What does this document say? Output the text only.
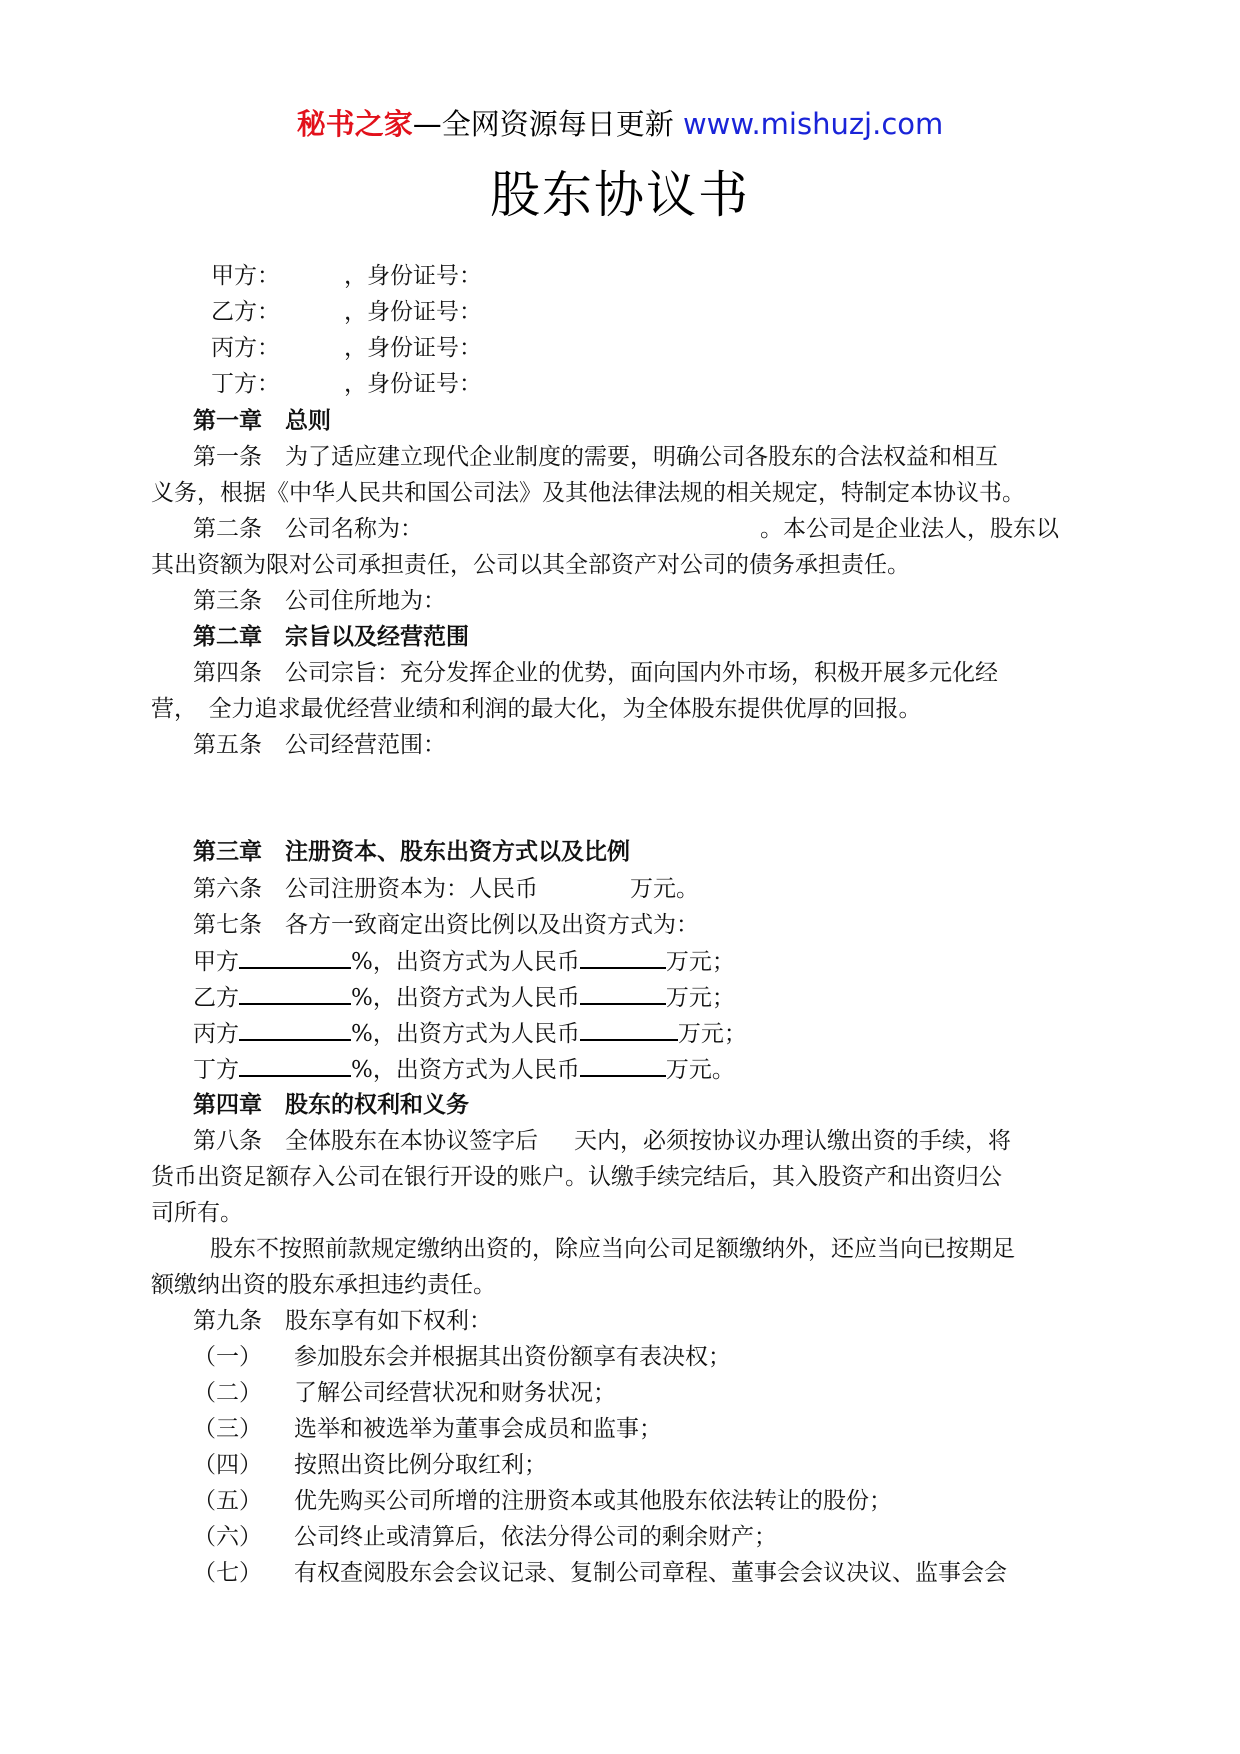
秘书之家—全网资源每日更新 www.mishuzj.com
股东协议书
甲方：	，身份证号：
乙方：	，身份证号：
丙方：	，身份证号：
丁方：	，身份证号：
第一章　总则
第一条　为了适应建立现代企业制度的需要，明确公司各股东的合法权益和相互
义务，根据《中华人民共和国公司法》及其他法律法规的相关规定，特制定本协议书。
第二条　公司名称为：	。本公司是企业法人，股东以
其出资额为限对公司承担责任，公司以其全部资产对公司的债务承担责任。
第三条　公司住所地为：
第二章　宗旨以及经营范围
第四条　公司宗旨：充分发挥企业的优势，面向国内外市场，积极开展多元化经
营，　全力追求最优经营业绩和利润的最大化，为全体股东提供优厚的回报。
第五条　公司经营范围：
第三章　注册资本、股东出资方式以及比例
第六条　公司注册资本为：人民币	万元。
第七条　各方一致商定出资比例以及出资方式为：
甲方	%，出资方式为人民币	万元；
乙方	%，出资方式为人民币	万元；
丙方	%，出资方式为人民币	万元；
丁方	%，出资方式为人民币	万元。
第四章　股东的权利和义务
第八条　全体股东在本协议签字后 天内，必须按协议办理认缴出资的手续，将
货币出资足额存入公司在银行开设的账户。认缴手续完结后，其入股资产和出资归公
司所有。
股东不按照前款规定缴纳出资的，除应当向公司足额缴纳外，还应当向已按期足
额缴纳出资的股东承担违约责任。
第九条　股东享有如下权利：
（一） 参加股东会并根据其出资份额享有表决权；
（二） 了解公司经营状况和财务状况；
（三） 选举和被选举为董事会成员和监事；
（四） 按照出资比例分取红利；
（五） 优先购买公司所增的注册资本或其他股东依法转让的股份；
（六） 公司终止或清算后，依法分得公司的剩余财产；
（七） 有权查阅股东会会议记录、复制公司章程、董事会会议决议、监事会会
